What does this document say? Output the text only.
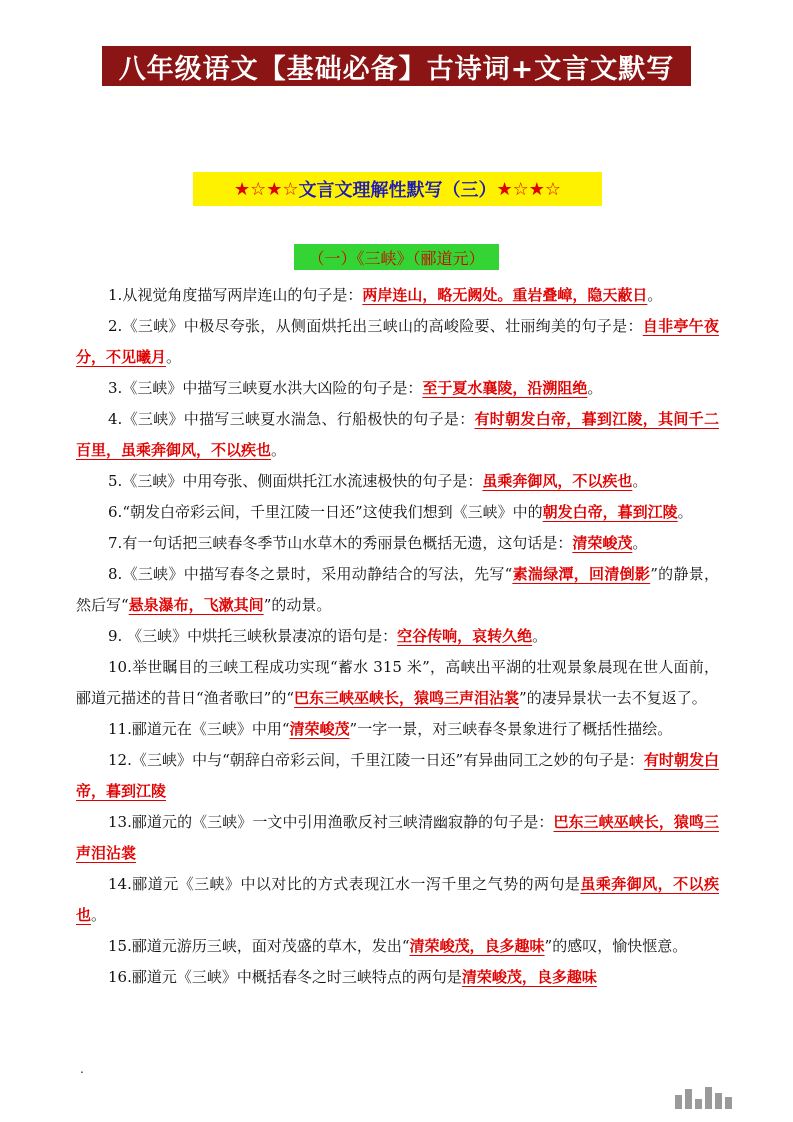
八年级语文【基础必备】古诗词+文言文默写
★☆★☆ 文言文理解性默写（三） ★☆★☆
（一）《三峡》（郦道元）

1.从视觉角度描写两岸连山的句子是：两岸连山，略无阙处。重岩叠嶂，隐天蔽日。

2.《三峡》中极尽夸张，从侧面烘托出三峡山的高峻险要、壮丽绚美的句子是：自非亭午夜分，不见曦月。

3.《三峡》中描写三峡夏水洪大凶险的句子是：至于夏水襄陵，沿溯阻绝。

4.《三峡》中描写三峡夏水湍急、行船极快的句子是：有时朝发白帝，暮到江陵，其间千二百里，虽乘奔御风，不以疾也。

5.《三峡》中用夸张、侧面烘托江水流速极快的句子是：虽乘奔御风，不以疾也。

6.“朝发白帝彩云间，千里江陵一日还”这使我们想到《三峡》中的朝发白帝，暮到江陵。

7.有一句话把三峡春冬季节山水草木的秀丽景色概括无遗，这句话是：清荣峻茂。

8.《三峡》中描写春冬之景时，采用动静结合的写法，先写“素湍绿潭，回清倒影”的静景，然后写“悬泉瀑布，飞漱其间”的动景。

9. 《三峡》中烘托三峡秋景凄凉的语句是：空谷传响，哀转久绝。

10.举世瞩目的三峡工程成功实现“蓄水 315 米”，高峡出平湖的壮观景象晨现在世人面前，郦道元描述的昔日“渔者歌曰”的“巴东三峡巫峡长，猿鸣三声泪沾裳”的凄异景状一去不复返了。

11.郦道元在《三峡》中用“清荣峻茂”一字一景，对三峡春冬景象进行了概括性描绘。

12.《三峡》中与“朝辞白帝彩云间，千里江陵一日还”有异曲同工之妙的句子是：有时朝发白帝，暮到江陵

13.郦道元的《三峡》一文中引用渔歌反衬三峡清幽寂静的句子是：巴东三峡巫峡长，猿鸣三声泪沾裳

14.郦道元《三峡》中以对比的方式表现江水一泻千里之气势的两句是虽乘奔御风，不以疾也。

15.郦道元游历三峡，面对茂盛的草木，发出“清荣峻茂，良多趣味”的感叹，愉快惬意。

16.郦道元《三峡》中概括春冬之时三峡特点的两句是清荣峻茂，良多趣味

.
